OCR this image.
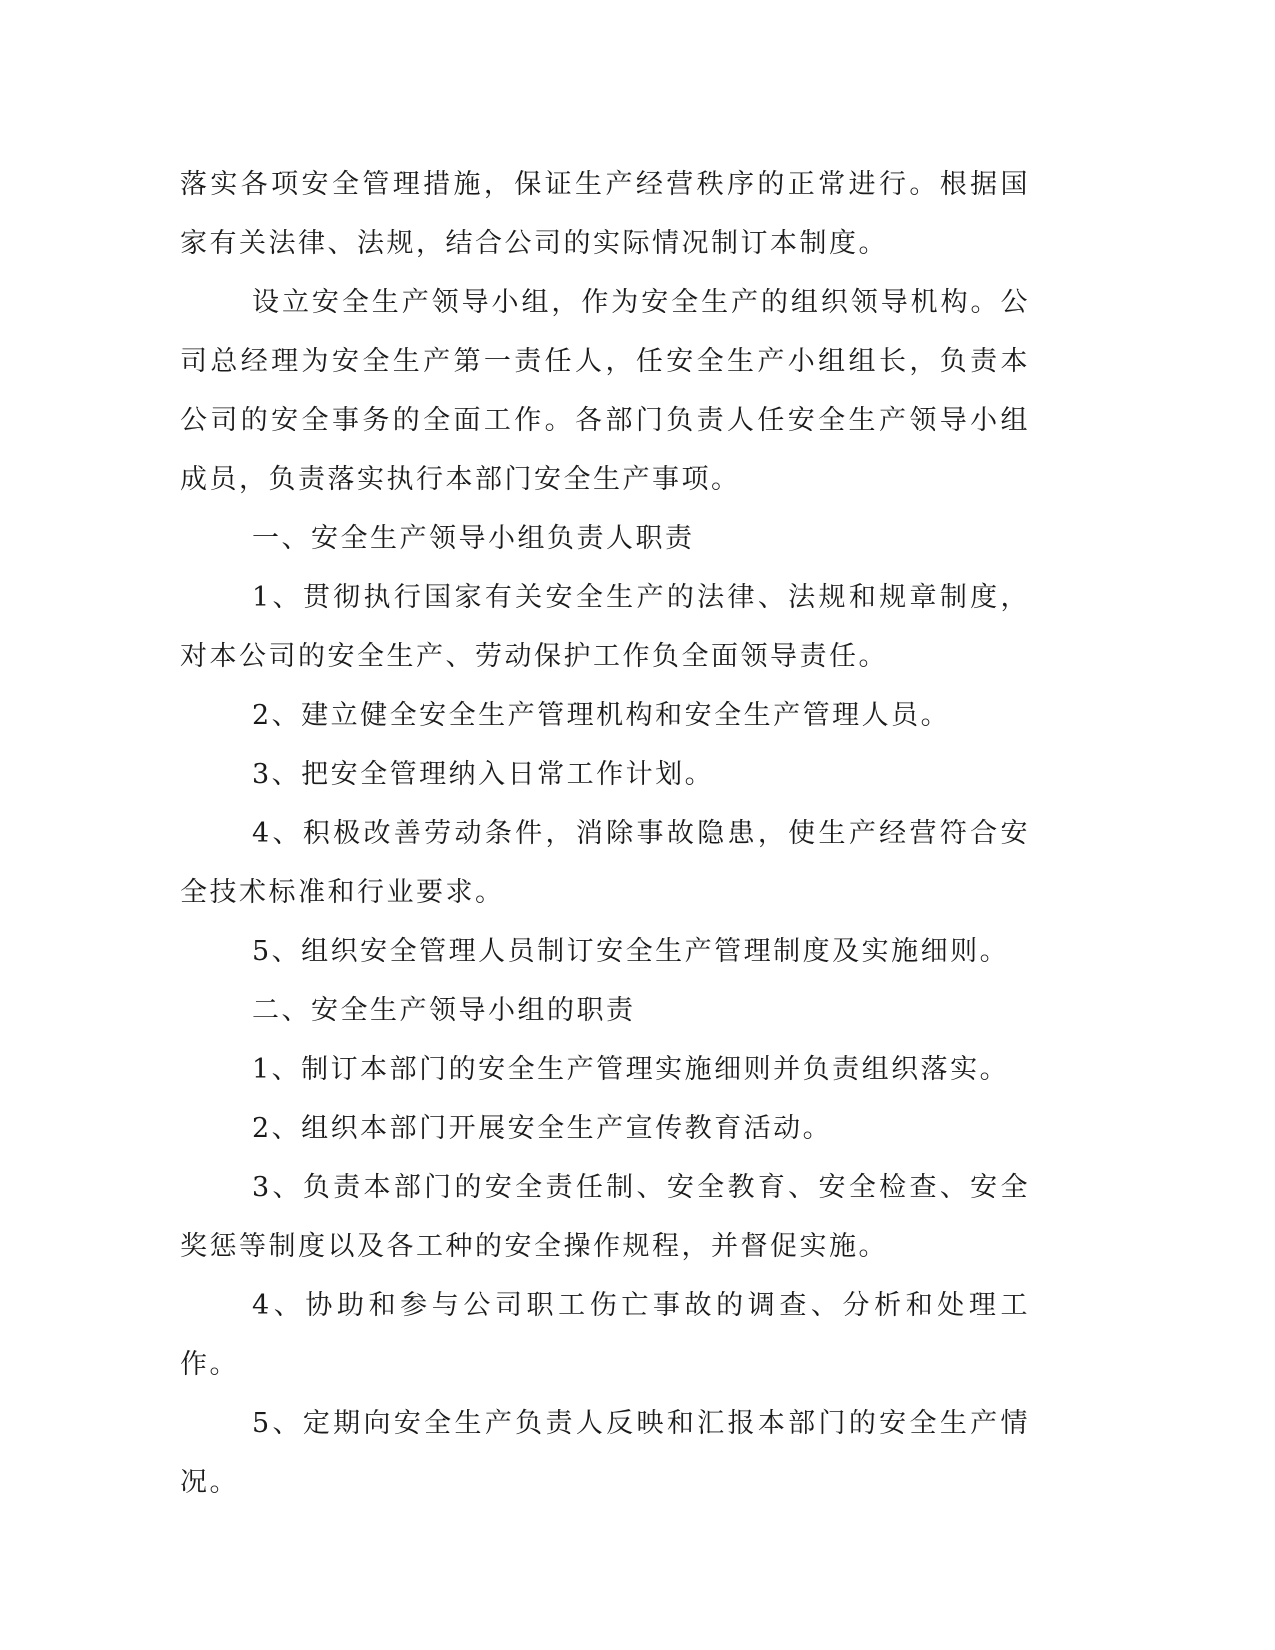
落实各项安全管理措施，保证生产经营秩序的正常进行。根据国家有关法律、法规，结合公司的实际情况制订本制度。

设立安全生产领导小组，作为安全生产的组织领导机构。公司总经理为安全生产第一责任人，任安全生产小组组长，负责本公司的安全事务的全面工作。各部门负责人任安全生产领导小组成员，负责落实执行本部门安全生产事项。

一、安全生产领导小组负责人职责

1、贯彻执行国家有关安全生产的法律、法规和规章制度，对本公司的安全生产、劳动保护工作负全面领导责任。

2、建立健全安全生产管理机构和安全生产管理人员。

3、把安全管理纳入日常工作计划。

4、积极改善劳动条件，消除事故隐患，使生产经营符合安全技术标准和行业要求。

5、组织安全管理人员制订安全生产管理制度及实施细则。

二、安全生产领导小组的职责

1、制订本部门的安全生产管理实施细则并负责组织落实。

2、组织本部门开展安全生产宣传教育活动。

3、负责本部门的安全责任制、安全教育、安全检查、安全奖惩等制度以及各工种的安全操作规程，并督促实施。

4、协助和参与公司职工伤亡事故的调查、分析和处理工作。

5、定期向安全生产负责人反映和汇报本部门的安全生产情况。
